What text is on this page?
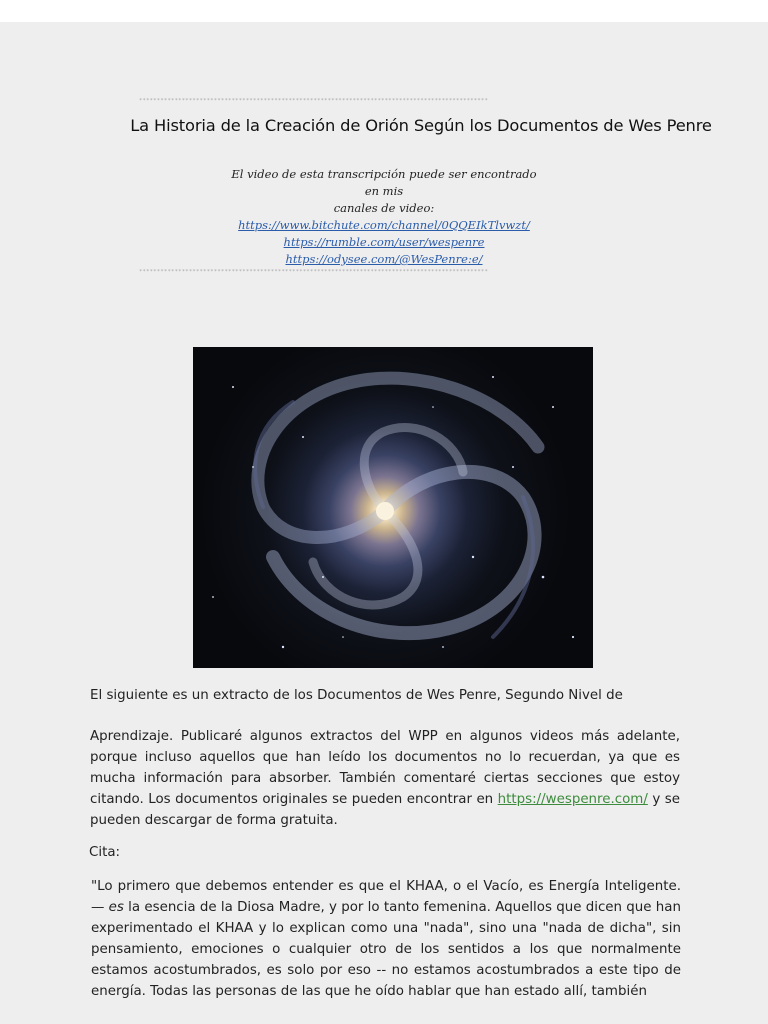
**************************************************************************************************
La Historia de la Creación de Orión Según los Documentos de Wes Penre
El video de esta transcripción puede ser encontrado en mis
canales de video:
https://www.bitchute.com/channel/0QQEIkTlvwzt/
https://rumble.com/user/wespenre
https://odysee.com/@WesPenre:e/
**************************************************************************************************
El siguiente es un extracto de los Documentos de Wes Penre, Segundo Nivel de
Aprendizaje. Publicaré algunos extractos del WPP en algunos videos más adelante, porque incluso aquellos que han leído los documentos no lo recuerdan, ya que es mucha información para absorber. También comentaré ciertas secciones que estoy citando. Los documentos originales se pueden encontrar en https://wespenre.com/ y se pueden descargar de forma gratuita.
Cita:
"Lo primero que debemos entender es que el KHAA, o el Vacío, es Energía Inteligente. — es la esencia de la Diosa Madre, y por lo tanto femenina. Aquellos que dicen que han experimentado el KHAA y lo explican como una "nada", sino una "nada de dicha", sin pensamiento, emociones o cualquier otro de los sentidos a los que normalmente estamos acostumbrados, es solo por eso -- no estamos acostumbrados a este tipo de energía. Todas las personas de las que he oído hablar que han estado allí, también
